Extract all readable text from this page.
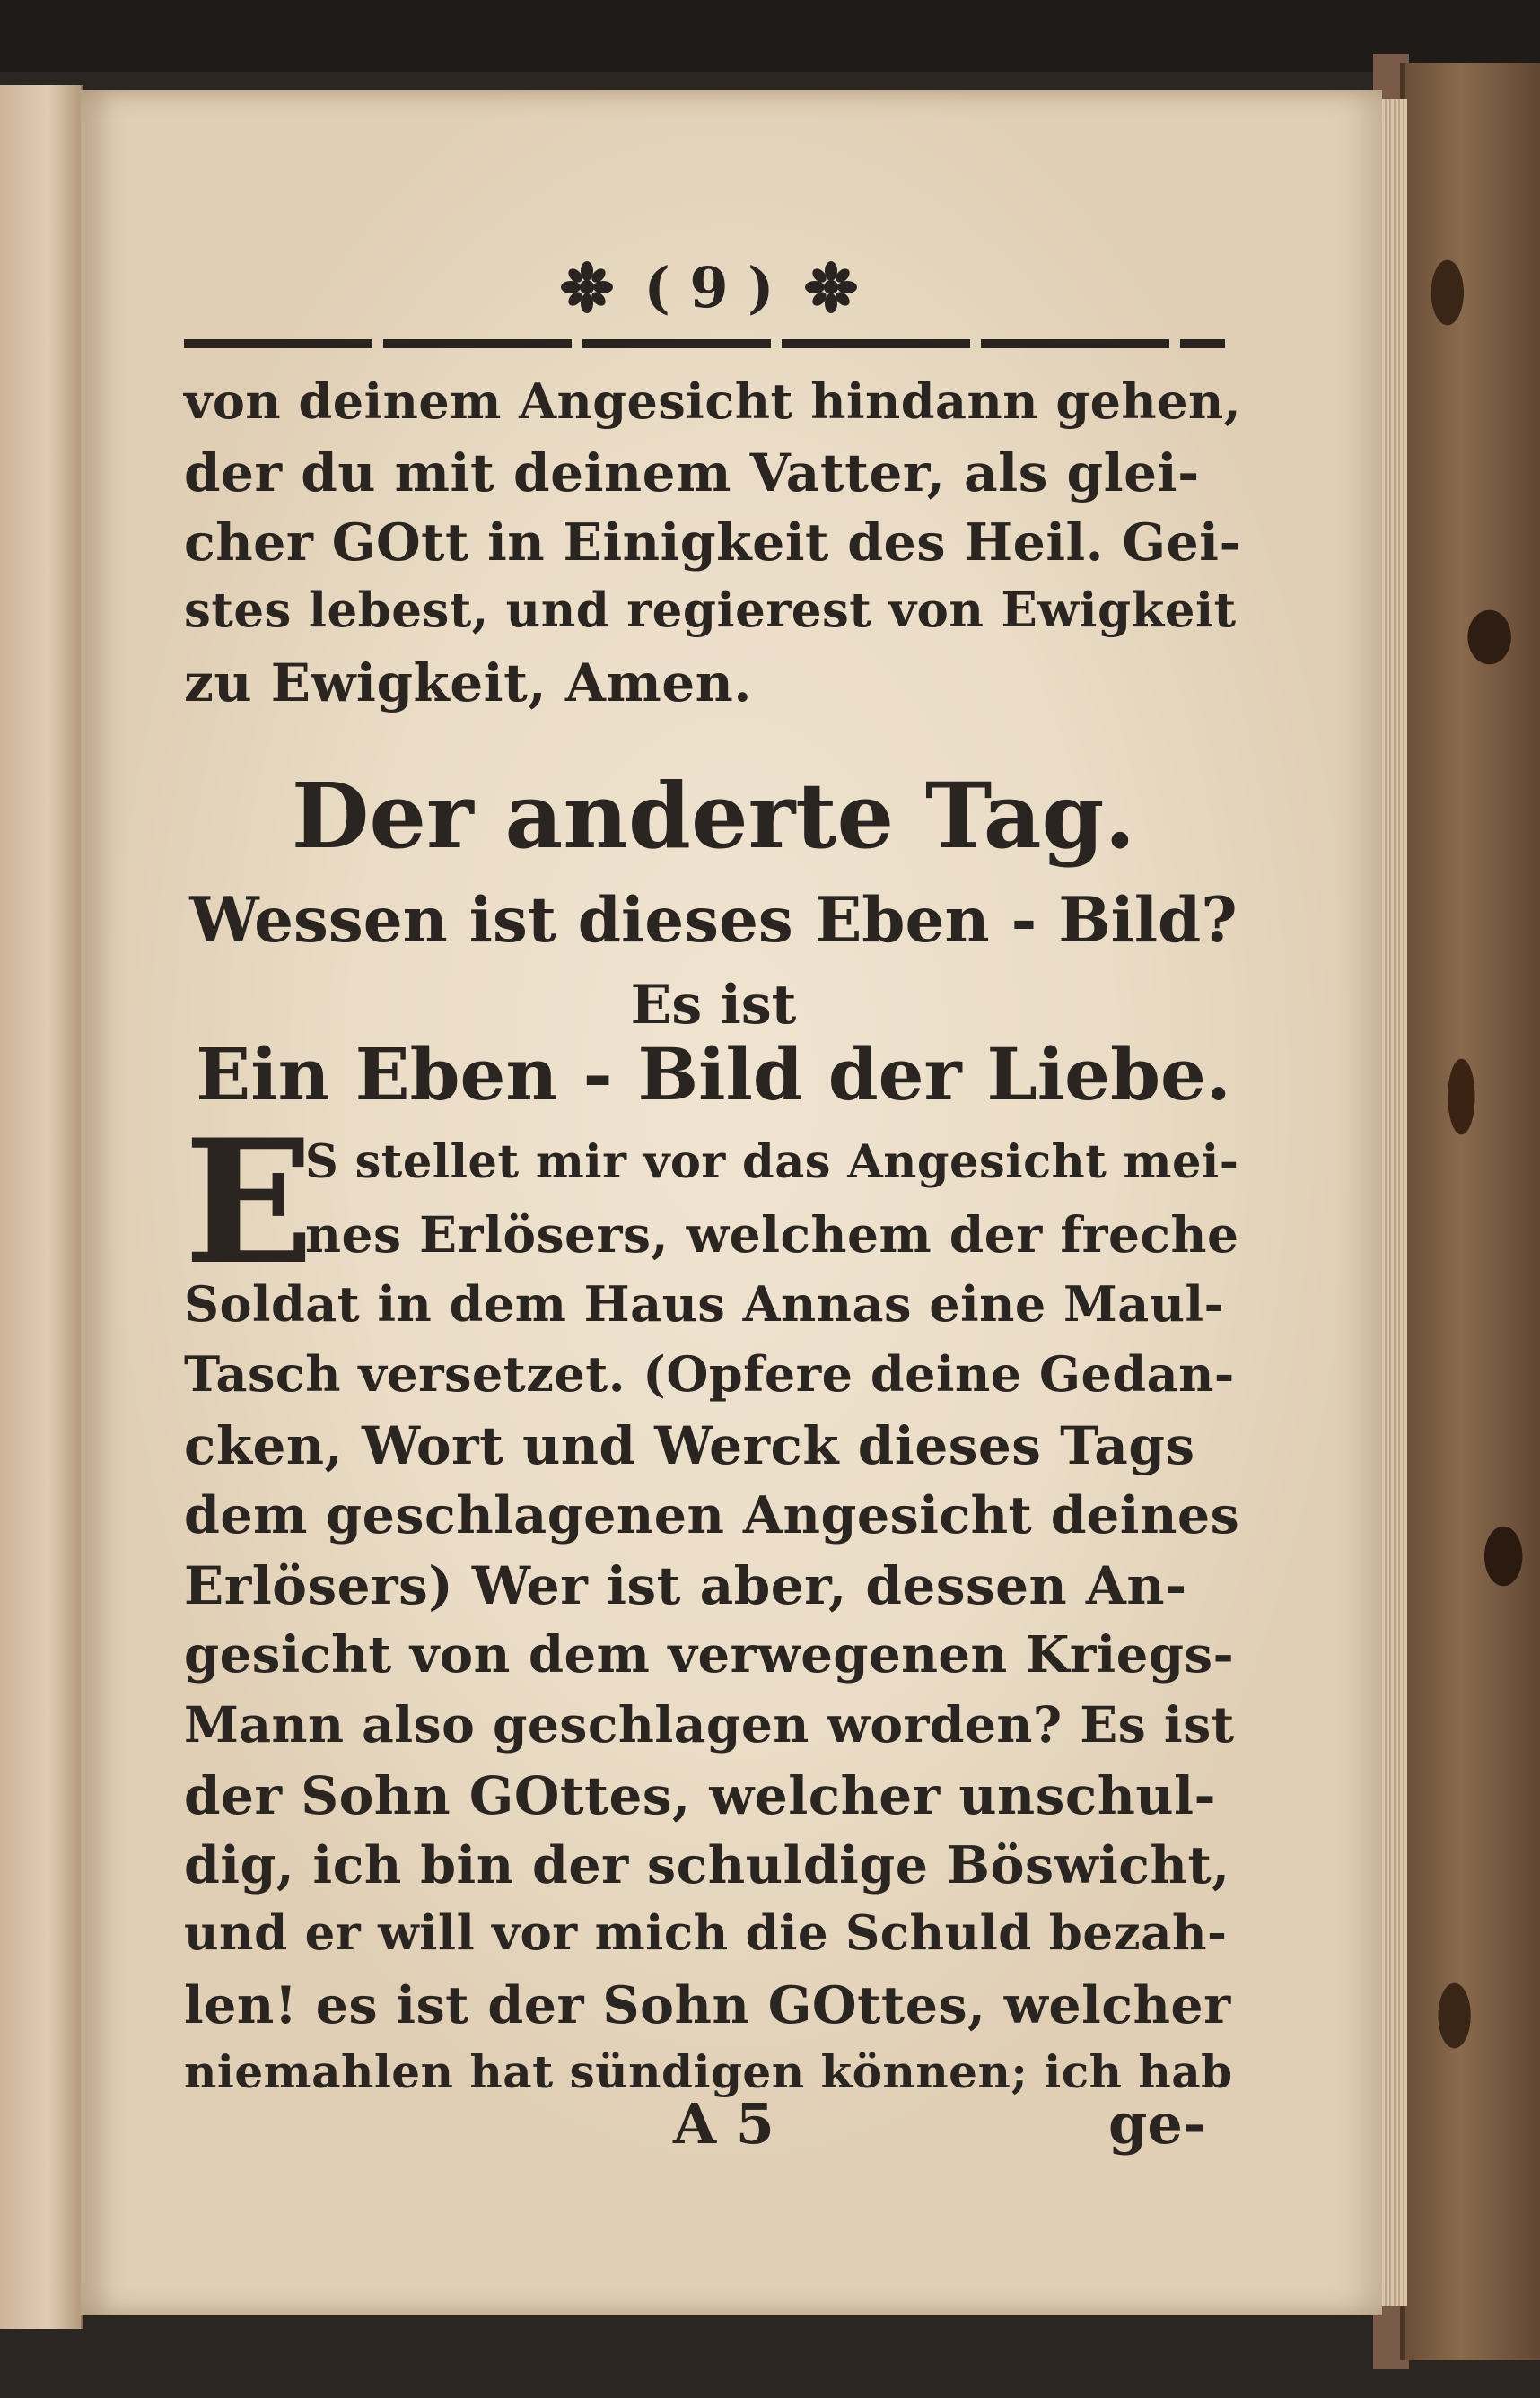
( 9 )
von deinem Angesicht hindann gehen,
der du mit deinem Vatter, als glei-
cher GOtt in Einigkeit des Heil. Gei-
stes lebest, und regierest von Ewigkeit
zu Ewigkeit, Amen.
Der anderte Tag.
Wessen ist dieses Eben - Bild?
Es ist
Ein Eben - Bild der Liebe.
E
S stellet mir vor das Angesicht mei-
nes Erlösers, welchem der freche
Soldat in dem Haus Annas eine Maul-
Tasch versetzet. (Opfere deine Gedan-
cken, Wort und Werck dieses Tags
dem geschlagenen Angesicht deines
Erlösers) Wer ist aber, dessen An-
gesicht von dem verwegenen Kriegs-
Mann also geschlagen worden? Es ist
der Sohn GOttes, welcher unschul-
dig, ich bin der schuldige Böswicht,
und er will vor mich die Schuld bezah-
len! es ist der Sohn GOttes, welcher
niemahlen hat sündigen können; ich hab
A 5	ge-
